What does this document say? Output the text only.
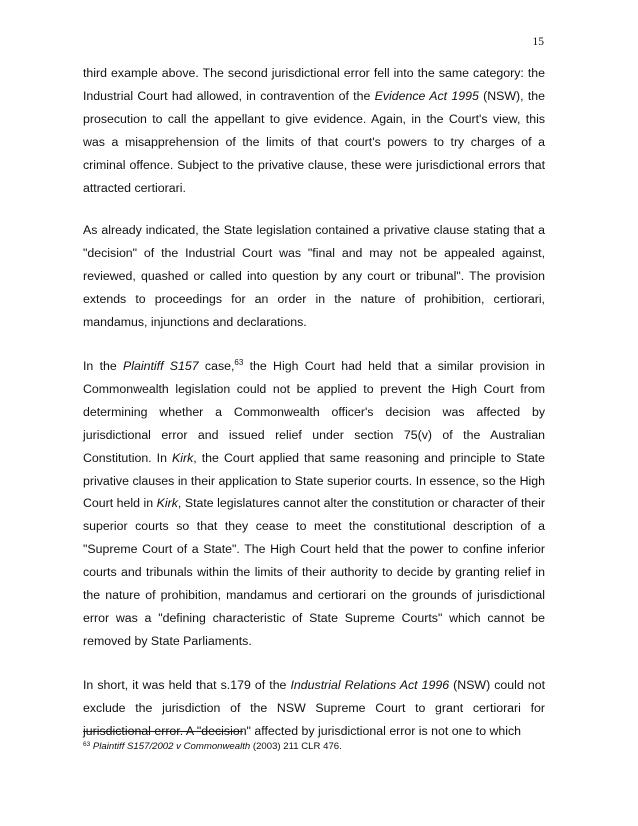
15

third example above. The second jurisdictional error fell into the same category: the Industrial Court had allowed, in contravention of the Evidence Act 1995 (NSW), the prosecution to call the appellant to give evidence. Again, in the Court's view, this was a misapprehension of the limits of that court's powers to try charges of a criminal offence. Subject to the privative clause, these were jurisdictional errors that attracted certiorari.

As already indicated, the State legislation contained a privative clause stating that a "decision" of the Industrial Court was "final and may not be appealed against, reviewed, quashed or called into question by any court or tribunal". The provision extends to proceedings for an order in the nature of prohibition, certiorari, mandamus, injunctions and declarations.

In the Plaintiff S157 case,$^{63}$ the High Court had held that a similar provision in Commonwealth legislation could not be applied to prevent the High Court from determining whether a Commonwealth officer's decision was affected by jurisdictional error and issued relief under section 75(v) of the Australian Constitution. In Kirk, the Court applied that same reasoning and principle to State privative clauses in their application to State superior courts. In essence, so the High Court held in Kirk, State legislatures cannot alter the constitution or character of their superior courts so that they cease to meet the constitutional description of a "Supreme Court of a State". The High Court held that the power to confine inferior courts and tribunals within the limits of their authority to decide by granting relief in the nature of prohibition, mandamus and certiorari on the grounds of jurisdictional error was a "defining characteristic of State Supreme Courts" which cannot be removed by State Parliaments.

In short, it was held that s.179 of the Industrial Relations Act 1996 (NSW) could not exclude the jurisdiction of the NSW Supreme Court to grant certiorari for jurisdictional error. A "decision" affected by jurisdictional error is not one to which

$^{63}$ Plaintiff S157/2002 v Commonwealth (2003) 211 CLR 476.
